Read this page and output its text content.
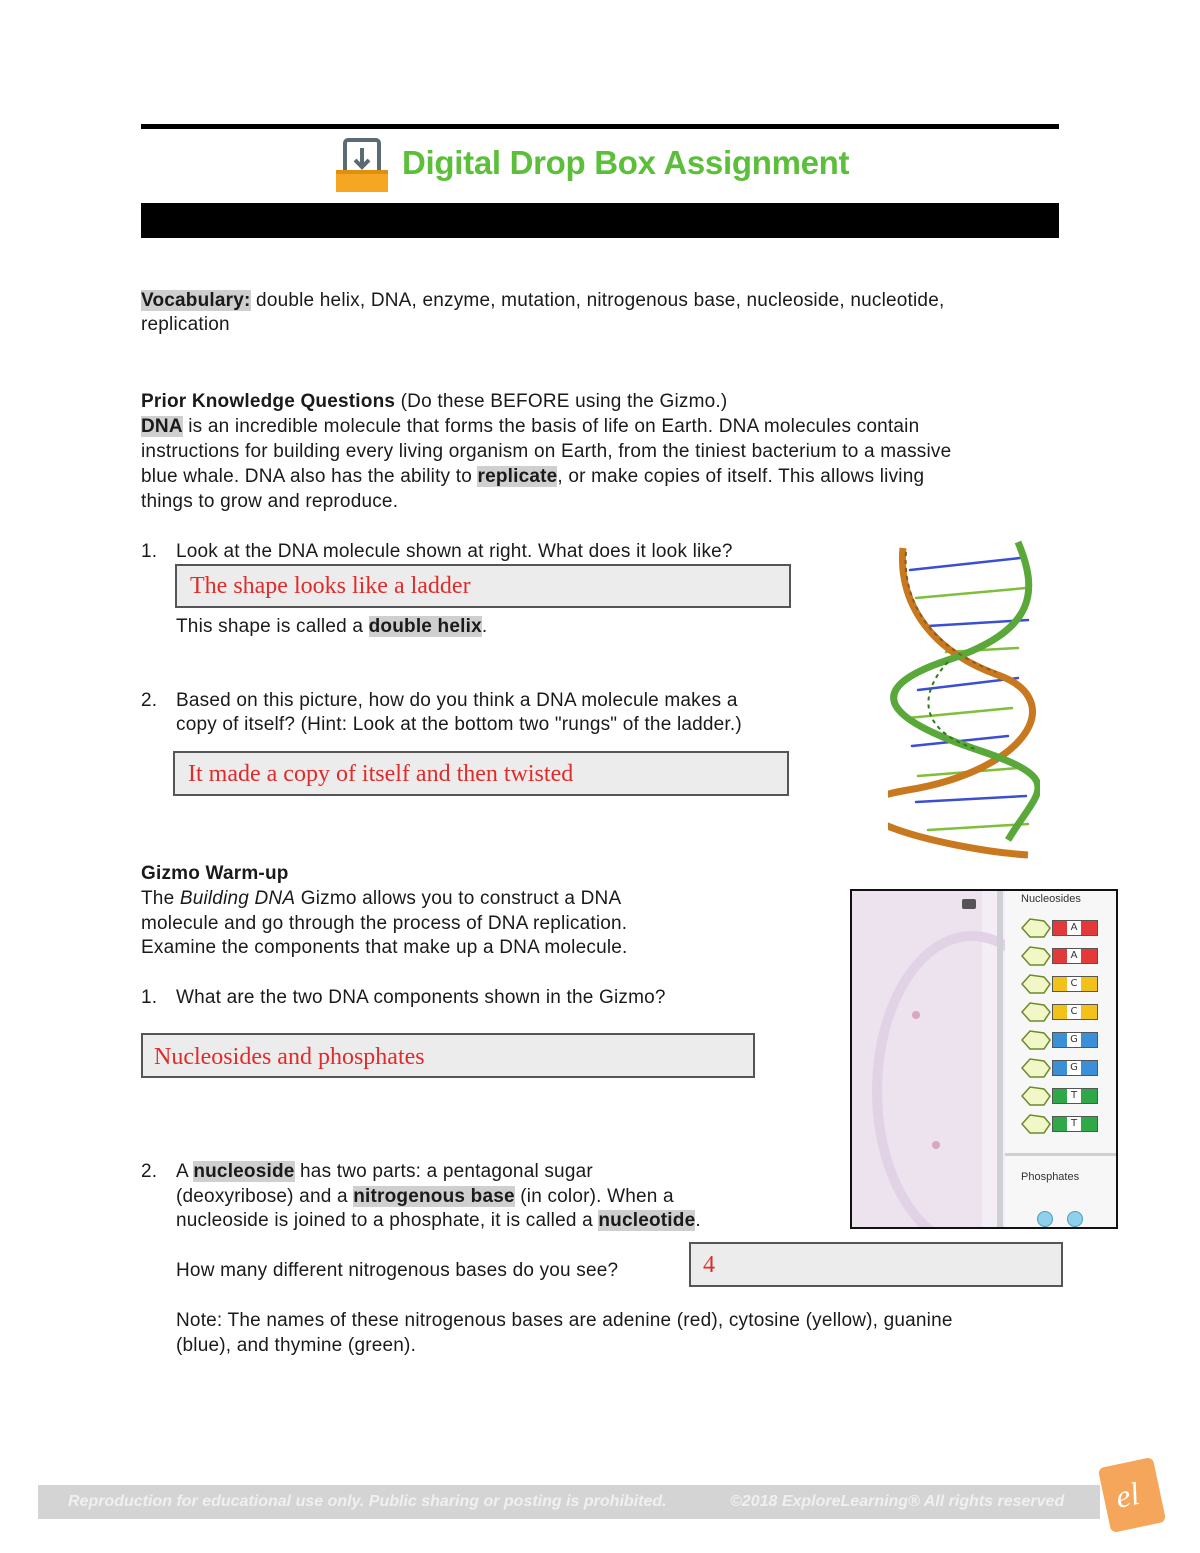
Digital Drop Box Assignment
Vocabulary: double helix, DNA, enzyme, mutation, nitrogenous base, nucleoside, nucleotide,
replication
Prior Knowledge Questions (Do these BEFORE using the Gizmo.)
DNA is an incredible molecule that forms the basis of life on Earth. DNA molecules contain
instructions for building every living organism on Earth, from the tiniest bacterium to a massive
blue whale. DNA also has the ability to replicate, or make copies of itself. This allows living
things to grow and reproduce.
1. Look at the DNA molecule shown at right. What does it look like?
The shape looks like a ladder
This shape is called a double helix.
2. Based on this picture, how do you think a DNA molecule makes a
copy of itself? (Hint: Look at the bottom two "rungs" of the ladder.)
It made a copy of itself and then twisted
Gizmo Warm-up
The Building DNA Gizmo allows you to construct a DNA
molecule and go through the process of DNA replication.
Examine the components that make up a DNA molecule.
1. What are the two DNA components shown in the Gizmo?
Nucleosides and phosphates
2. A nucleoside has two parts: a pentagonal sugar
(deoxyribose) and a nitrogenous base (in color). When a
nucleoside is joined to a phosphate, it is called a nucleotide.
How many different nitrogenous bases do you see?	4
Note: The names of these nitrogenous bases are adenine (red), cytosine (yellow), guanine
(blue), and thymine (green).
Nucleosides
Phosphates
A
A
C
C
G
G
T
T
Reproduction for educational use only. Public sharing or posting is prohibited.	©2018 ExploreLearning® All rights reserved el
